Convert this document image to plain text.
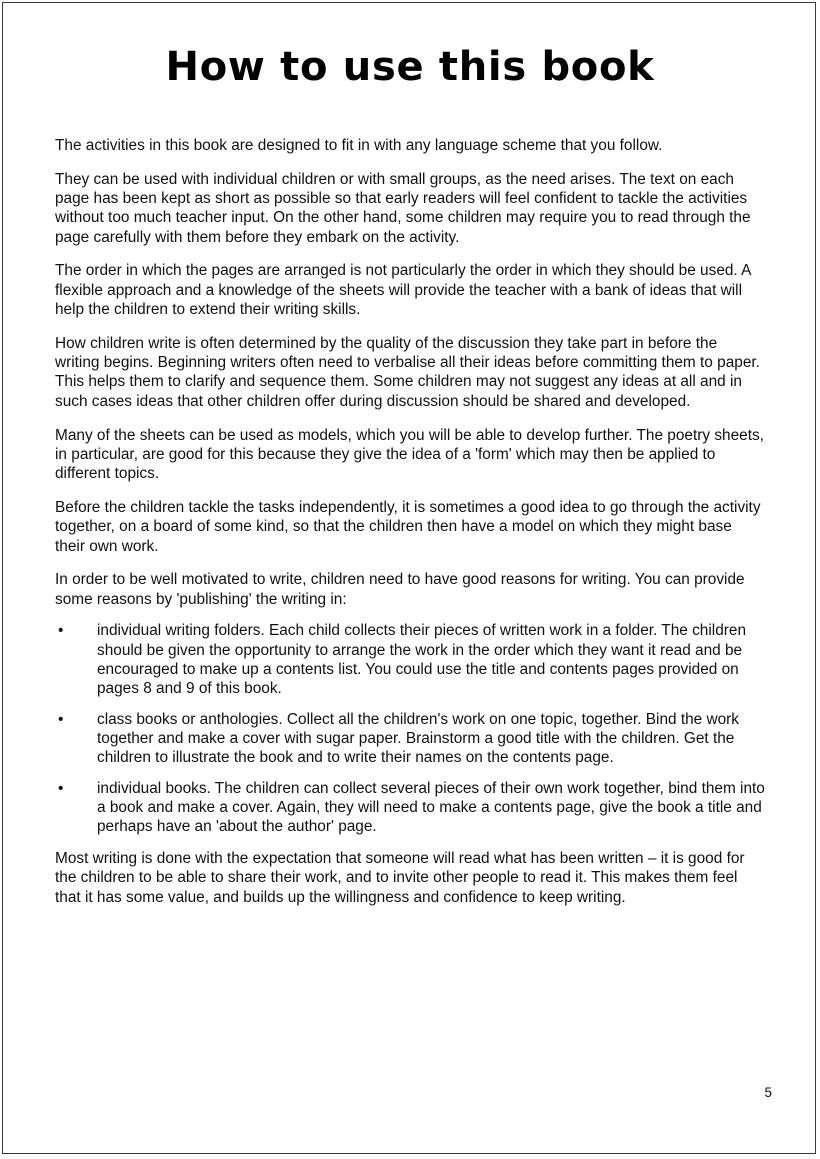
How to use this book

The activities in this book are designed to fit in with any language scheme that you follow.

They can be used with individual children or with small groups, as the need arises. The text on each page has been kept as short as possible so that early readers will feel confident to tackle the activities without too much teacher input. On the other hand, some children may require you to read through the page carefully with them before they embark on the activity.

The order in which the pages are arranged is not particularly the order in which they should be used. A flexible approach and a knowledge of the sheets will provide the teacher with a bank of ideas that will help the children to extend their writing skills.

How children write is often determined by the quality of the discussion they take part in before the writing begins. Beginning writers often need to verbalise all their ideas before committing them to paper. This helps them to clarify and sequence them. Some children may not suggest any ideas at all and in such cases ideas that other children offer during discussion should be shared and developed.

Many of the sheets can be used as models, which you will be able to develop further. The poetry sheets, in particular, are good for this because they give the idea of a 'form' which may then be applied to different topics.

Before the children tackle the tasks independently, it is sometimes a good idea to go through the activity together, on a board of some kind, so that the children then have a model on which they might base their own work.

In order to be well motivated to write, children need to have good reasons for writing. You can provide some reasons by 'publishing' the writing in:

• individual writing folders. Each child collects their pieces of written work in a folder. The children should be given the opportunity to arrange the work in the order which they want it read and be encouraged to make up a contents list. You could use the title and contents pages provided on pages 8 and 9 of this book.
• class books or anthologies. Collect all the children's work on one topic, together. Bind the work together and make a cover with sugar paper. Brainstorm a good title with the children. Get the children to illustrate the book and to write their names on the contents page.
• individual books. The children can collect several pieces of their own work together, bind them into a book and make a cover. Again, they will need to make a contents page, give the book a title and perhaps have an 'about the author' page.

Most writing is done with the expectation that someone will read what has been written – it is good for the children to be able to share their work, and to invite other people to read it. This makes them feel that it has some value, and builds up the willingness and confidence to keep writing.

5
